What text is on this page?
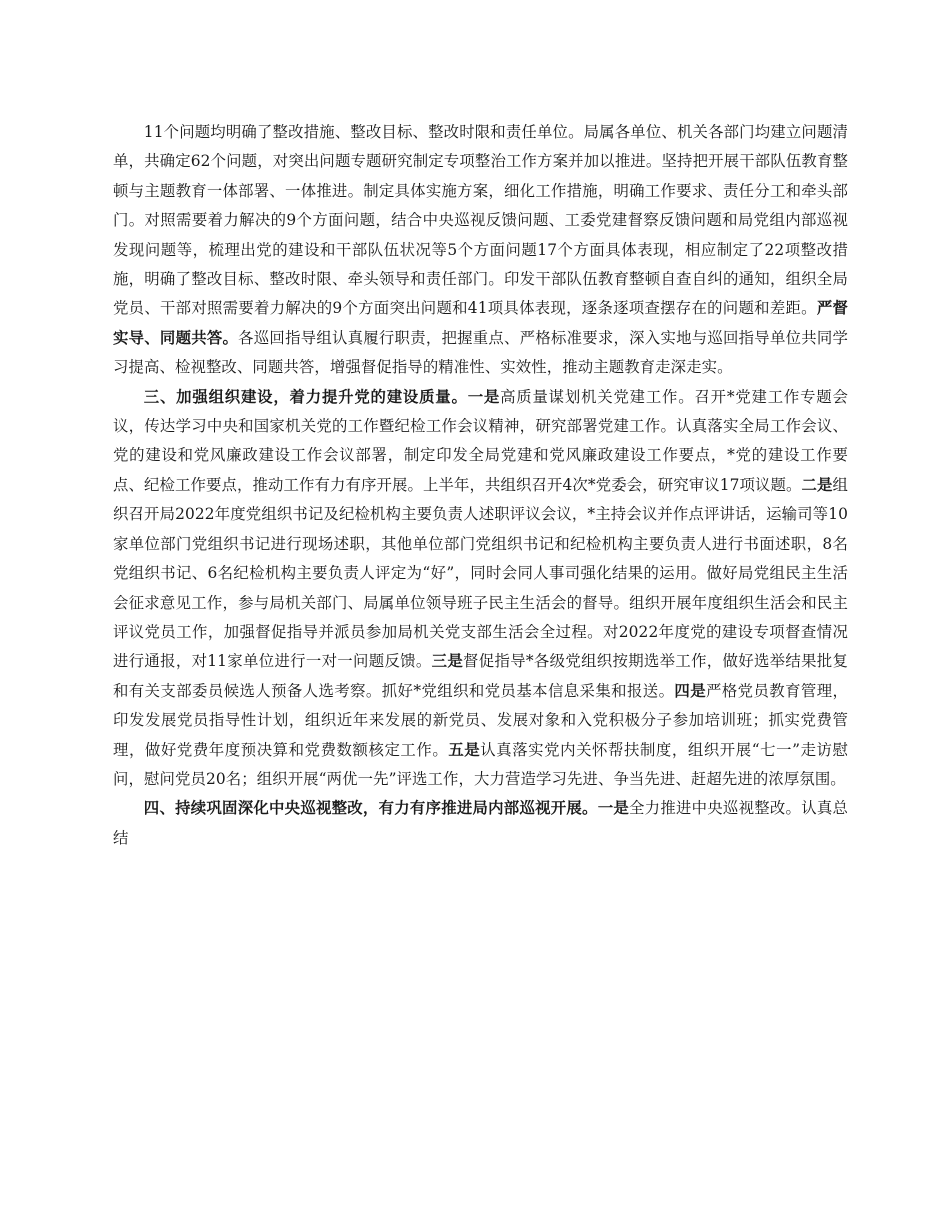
11个问题均明确了整改措施、整改目标、整改时限和责任单位。局属各单位、机关各部门均建立问题清单，共确定62个问题，对突出问题专题研究制定专项整治工作方案并加以推进。坚持把开展干部队伍教育整顿与主题教育一体部署、一体推进。制定具体实施方案，细化工作措施，明确工作要求、责任分工和牵头部门。对照需要着力解决的9个方面问题，结合中央巡视反馈问题、工委党建督察反馈问题和局党组内部巡视发现问题等，梳理出党的建设和干部队伍状况等5个方面问题17个方面具体表现，相应制定了22项整改措施，明确了整改目标、整改时限、牵头领导和责任部门。印发干部队伍教育整顿自查自纠的通知，组织全局党员、干部对照需要着力解决的9个方面突出问题和41项具体表现，逐条逐项查摆存在的问题和差距。严督实导、同题共答。各巡回指导组认真履行职责，把握重点、严格标准要求，深入实地与巡回指导单位共同学习提高、检视整改、同题共答，增强督促指导的精准性、实效性，推动主题教育走深走实。

三、加强组织建设，着力提升党的建设质量。一是高质量谋划机关党建工作。召开*党建工作专题会议，传达学习中央和国家机关党的工作暨纪检工作会议精神，研究部署党建工作。认真落实全局工作会议、党的建设和党风廉政建设工作会议部署，制定印发全局党建和党风廉政建设工作要点，*党的建设工作要点、纪检工作要点，推动工作有力有序开展。上半年，共组织召开4次*党委会，研究审议17项议题。二是组织召开局2022年度党组织书记及纪检机构主要负责人述职评议会议，*主持会议并作点评讲话，运输司等10家单位部门党组织书记进行现场述职，其他单位部门党组织书记和纪检机构主要负责人进行书面述职，8名党组织书记、6名纪检机构主要负责人评定为“好”，同时会同人事司强化结果的运用。做好局党组民主生活会征求意见工作，参与局机关部门、局属单位领导班子民主生活会的督导。组织开展年度组织生活会和民主评议党员工作，加强督促指导并派员参加局机关党支部生活会全过程。对2022年度党的建设专项督查情况进行通报，对11家单位进行一对一问题反馈。三是督促指导*各级党组织按期选举工作，做好选举结果批复和有关支部委员候选人预备人选考察。抓好*党组织和党员基本信息采集和报送。四是严格党员教育管理，印发发展党员指导性计划，组织近年来发展的新党员、发展对象和入党积极分子参加培训班；抓实党费管理，做好党费年度预决算和党费数额核定工作。五是认真落实党内关怀帮扶制度，组织开展“七一”走访慰问，慰问党员20名；组织开展“两优一先”评选工作，大力营造学习先进、争当先进、赶超先进的浓厚氛围。

四、持续巩固深化中央巡视整改，有力有序推进局内部巡视开展。一是全力推进中央巡视整改。认真总结
